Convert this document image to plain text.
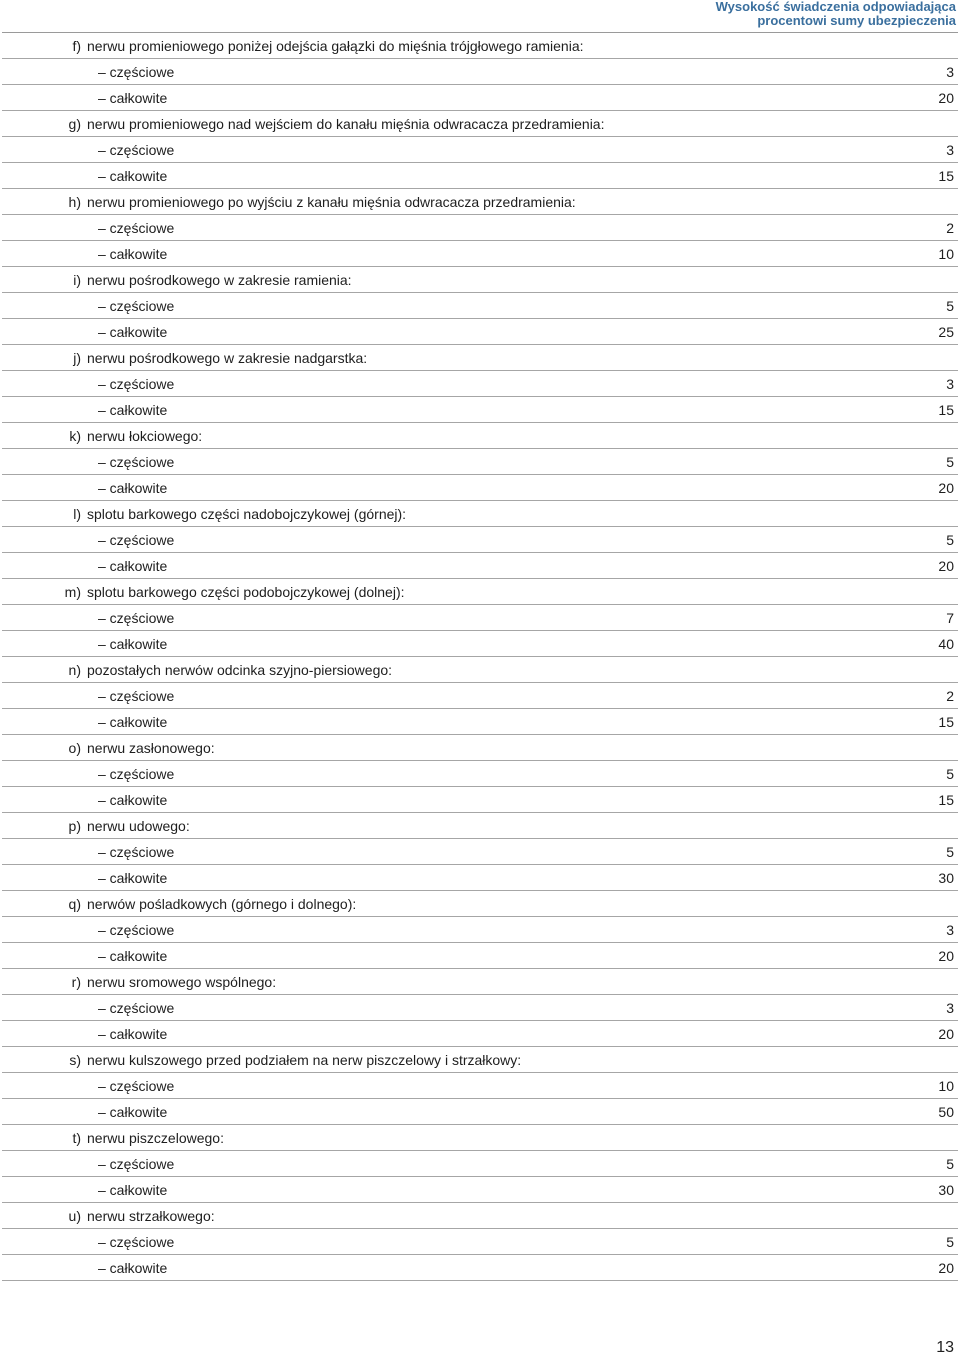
Wysokość świadczenia odpowiadająca
procentowi sumy ubezpieczenia
f) nerwu promieniowego poniżej odejścia gałązki do mięśnia trójgłowego ramienia:
– częściowe	3
– całkowite	20
g) nerwu promieniowego nad wejściem do kanału mięśnia odwracacza przedramienia:
– częściowe	3
– całkowite	15
h) nerwu promieniowego po wyjściu z kanału mięśnia odwracacza przedramienia:
– częściowe	2
– całkowite	10
i) nerwu pośrodkowego w zakresie ramienia:
– częściowe	5
– całkowite	25
j) nerwu pośrodkowego w zakresie nadgarstka:
– częściowe	3
– całkowite	15
k) nerwu łokciowego:
– częściowe	5
– całkowite	20
l) splotu barkowego części nadobojczykowej (górnej):
– częściowe	5
– całkowite	20
m) splotu barkowego części podobojczykowej (dolnej):
– częściowe	7
– całkowite	40
n) pozostałych nerwów odcinka szyjno-piersiowego:
– częściowe	2
– całkowite	15
o) nerwu zasłonowego:
– częściowe	5
– całkowite	15
p) nerwu udowego:
– częściowe	5
– całkowite	30
q) nerwów pośladkowych (górnego i dolnego):
– częściowe	3
– całkowite	20
r) nerwu sromowego wspólnego:
– częściowe	3
– całkowite	20
s) nerwu kulszowego przed podziałem na nerw piszczelowy i strzałkowy:
– częściowe	10
– całkowite	50
t) nerwu piszczelowego:
– częściowe	5
– całkowite	30
u) nerwu strzałkowego:
– częściowe	5
– całkowite	20
13
